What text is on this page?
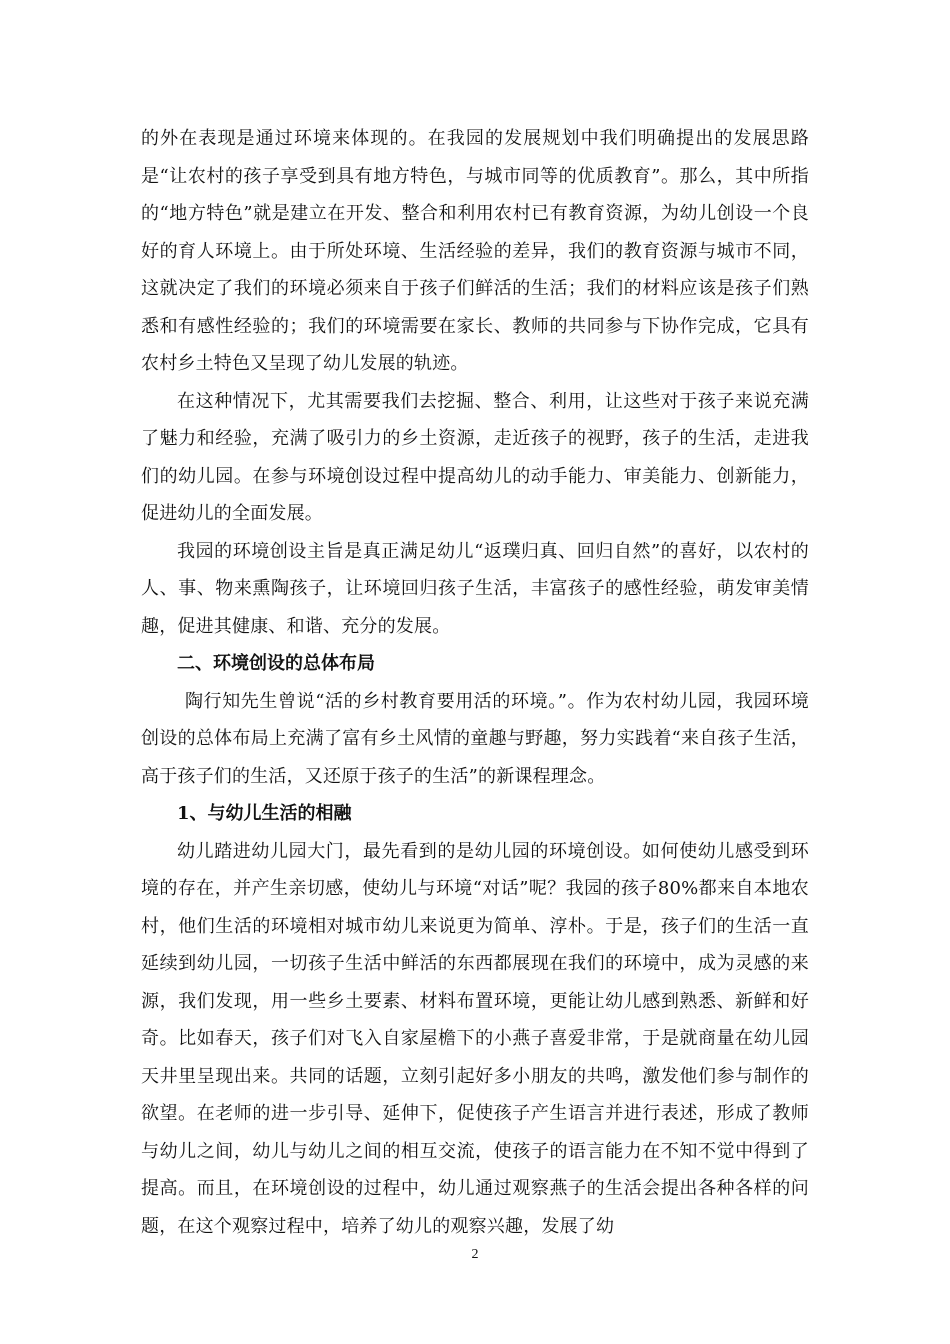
的外在表现是通过环境来体现的。在我园的发展规划中我们明确提出的发展思路是“让农村的孩子享受到具有地方特色，与城市同等的优质教育”。那么，其中所指的“地方特色”就是建立在开发、整合和利用农村已有教育资源，为幼儿创设一个良好的育人环境上。由于所处环境、生活经验的差异，我们的教育资源与城市不同，这就决定了我们的环境必须来自于孩子们鲜活的生活；我们的材料应该是孩子们熟悉和有感性经验的；我们的环境需要在家长、教师的共同参与下协作完成，它具有农村乡土特色又呈现了幼儿发展的轨迹。

在这种情况下，尤其需要我们去挖掘、整合、利用，让这些对于孩子来说充满了魅力和经验，充满了吸引力的乡土资源，走近孩子的视野，孩子的生活，走进我们的幼儿园。在参与环境创设过程中提高幼儿的动手能力、审美能力、创新能力，促进幼儿的全面发展。

我园的环境创设主旨是真正满足幼儿“返璞归真、回归自然”的喜好，以农村的人、事、物来熏陶孩子，让环境回归孩子生活，丰富孩子的感性经验，萌发审美情趣，促进其健康、和谐、充分的发展。

二、环境创设的总体布局

陶行知先生曾说“活的乡村教育要用活的环境。”。作为农村幼儿园，我园环境创设的总体布局上充满了富有乡土风情的童趣与野趣，努力实践着“来自孩子生活，高于孩子们的生活，又还原于孩子的生活”的新课程理念。

1、与幼儿生活的相融

幼儿踏进幼儿园大门，最先看到的是幼儿园的环境创设。如何使幼儿感受到环境的存在，并产生亲切感，使幼儿与环境“对话”呢？我园的孩子80%都来自本地农村，他们生活的环境相对城市幼儿来说更为简单、淳朴。于是，孩子们的生活一直延续到幼儿园，一切孩子生活中鲜活的东西都展现在我们的环境中，成为灵感的来源，我们发现，用一些乡土要素、材料布置环境，更能让幼儿感到熟悉、新鲜和好奇。比如春天，孩子们对飞入自家屋檐下的小燕子喜爱非常，于是就商量在幼儿园天井里呈现出来。共同的话题，立刻引起好多小朋友的共鸣，激发他们参与制作的欲望。在老师的进一步引导、延伸下，促使孩子产生语言并进行表述，形成了教师与幼儿之间，幼儿与幼儿之间的相互交流，使孩子的语言能力在不知不觉中得到了提高。而且，在环境创设的过程中，幼儿通过观察燕子的生活会提出各种各样的问题，在这个观察过程中，培养了幼儿的观察兴趣，发展了幼

2
